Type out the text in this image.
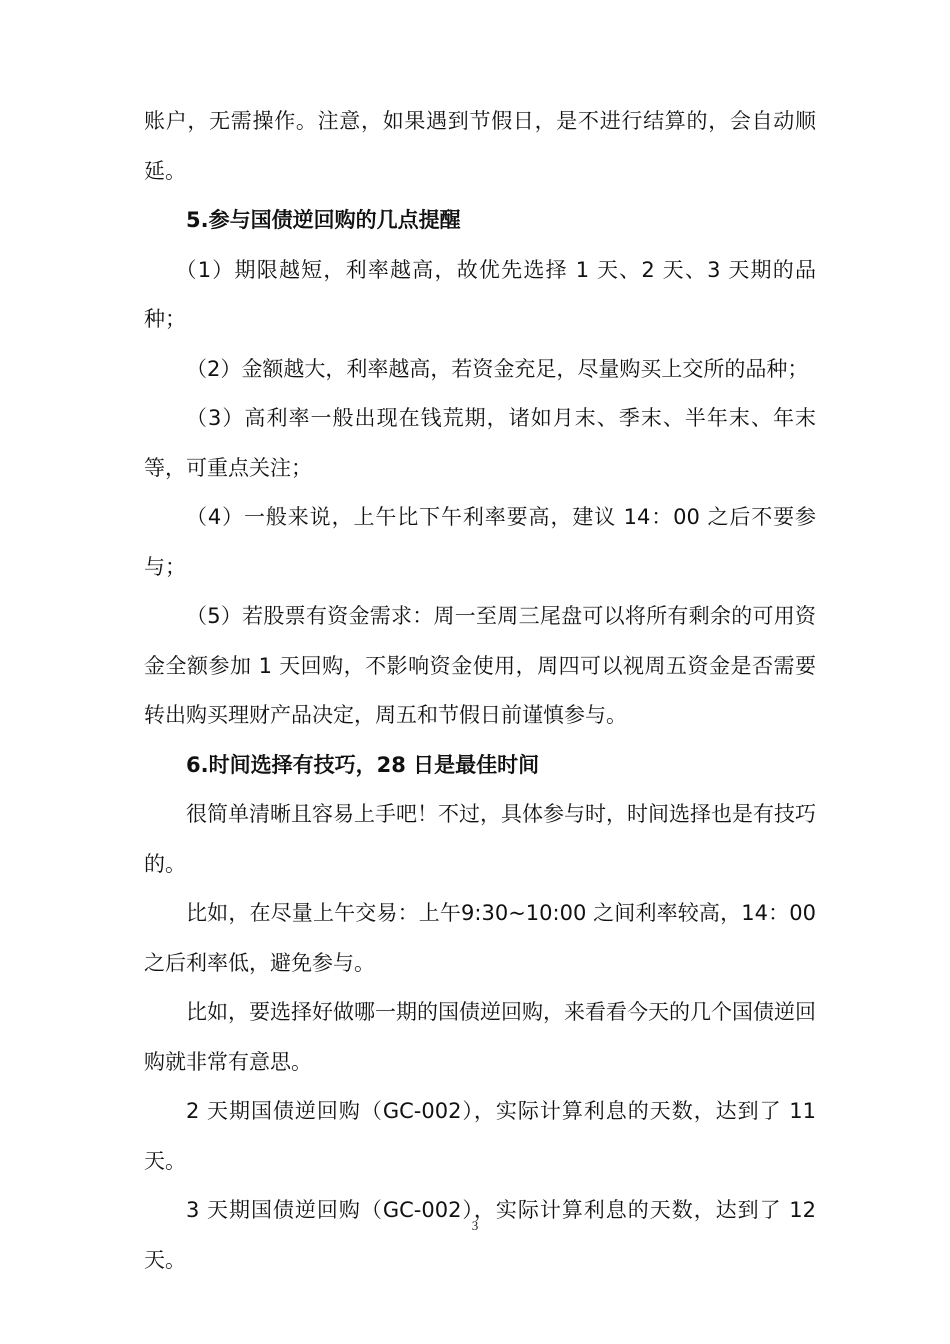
账户，无需操作。注意，如果遇到节假日，是不进行结算的，会自动顺延。

5.参与国债逆回购的几点提醒

（1）期限越短，利率越高，故优先选择 1 天、2 天、3 天期的品种；

（2）金额越大，利率越高，若资金充足，尽量购买上交所的品种；

（3）高利率一般出现在钱荒期，诸如月末、季末、半年末、年末等，可重点关注；

（4）一般来说，上午比下午利率要高，建议 14：00 之后不要参与；

（5）若股票有资金需求：周一至周三尾盘可以将所有剩余的可用资金全额参加 1 天回购，不影响资金使用，周四可以视周五资金是否需要转出购买理财产品决定，周五和节假日前谨慎参与。

6.时间选择有技巧，28 日是最佳时间

很简单清晰且容易上手吧！不过，具体参与时，时间选择也是有技巧的。

比如，在尽量上午交易：上午9:30~10:00 之间利率较高，14：00 之后利率低，避免参与。

比如，要选择好做哪一期的国债逆回购，来看看今天的几个国债逆回购就非常有意思。

2 天期国债逆回购（GC-002），实际计算利息的天数，达到了 11 天。

3 天期国债逆回购（GC-002），实际计算利息的天数，达到了 12 天。

3
